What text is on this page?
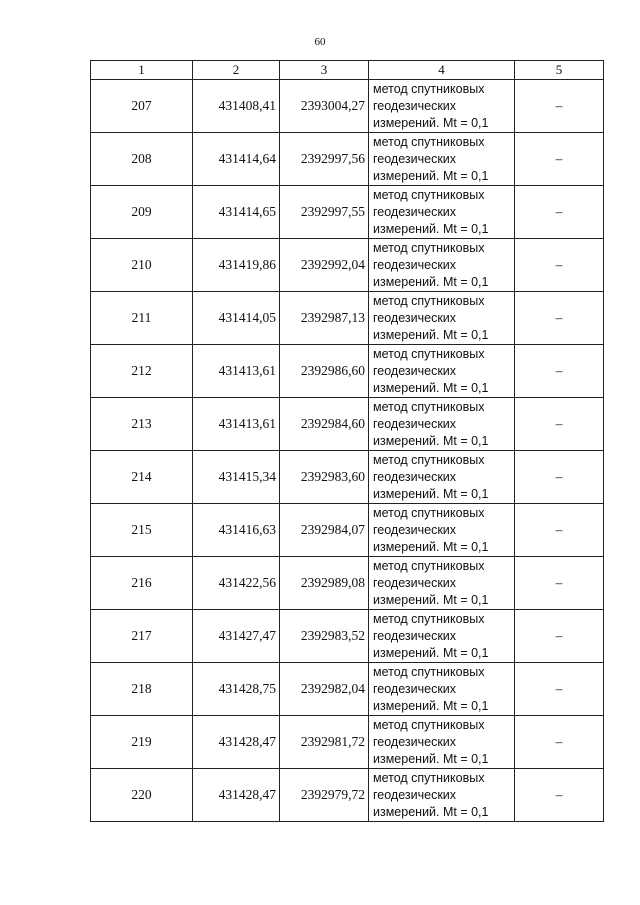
60
1	2	3	4	5
207	431408,41	2393004,27	метод спутниковых
геодезических
измерений. Mt = 0,1	–
208	431414,64	2392997,56	метод спутниковых
геодезических
измерений. Mt = 0,1	–
209	431414,65	2392997,55	метод спутниковых
геодезических
измерений. Mt = 0,1	–
210	431419,86	2392992,04	метод спутниковых
геодезических
измерений. Mt = 0,1	–
211	431414,05	2392987,13	метод спутниковых
геодезических
измерений. Mt = 0,1	–
212	431413,61	2392986,60	метод спутниковых
геодезических
измерений. Mt = 0,1	–
213	431413,61	2392984,60	метод спутниковых
геодезических
измерений. Mt = 0,1	–
214	431415,34	2392983,60	метод спутниковых
геодезических
измерений. Mt = 0,1	–
215	431416,63	2392984,07	метод спутниковых
геодезических
измерений. Mt = 0,1	–
216	431422,56	2392989,08	метод спутниковых
геодезических
измерений. Mt = 0,1	–
217	431427,47	2392983,52	метод спутниковых
геодезических
измерений. Mt = 0,1	–
218	431428,75	2392982,04	метод спутниковых
геодезических
измерений. Mt = 0,1	–
219	431428,47	2392981,72	метод спутниковых
геодезических
измерений. Mt = 0,1	–
220	431428,47	2392979,72	метод спутниковых
геодезических
измерений. Mt = 0,1	–
